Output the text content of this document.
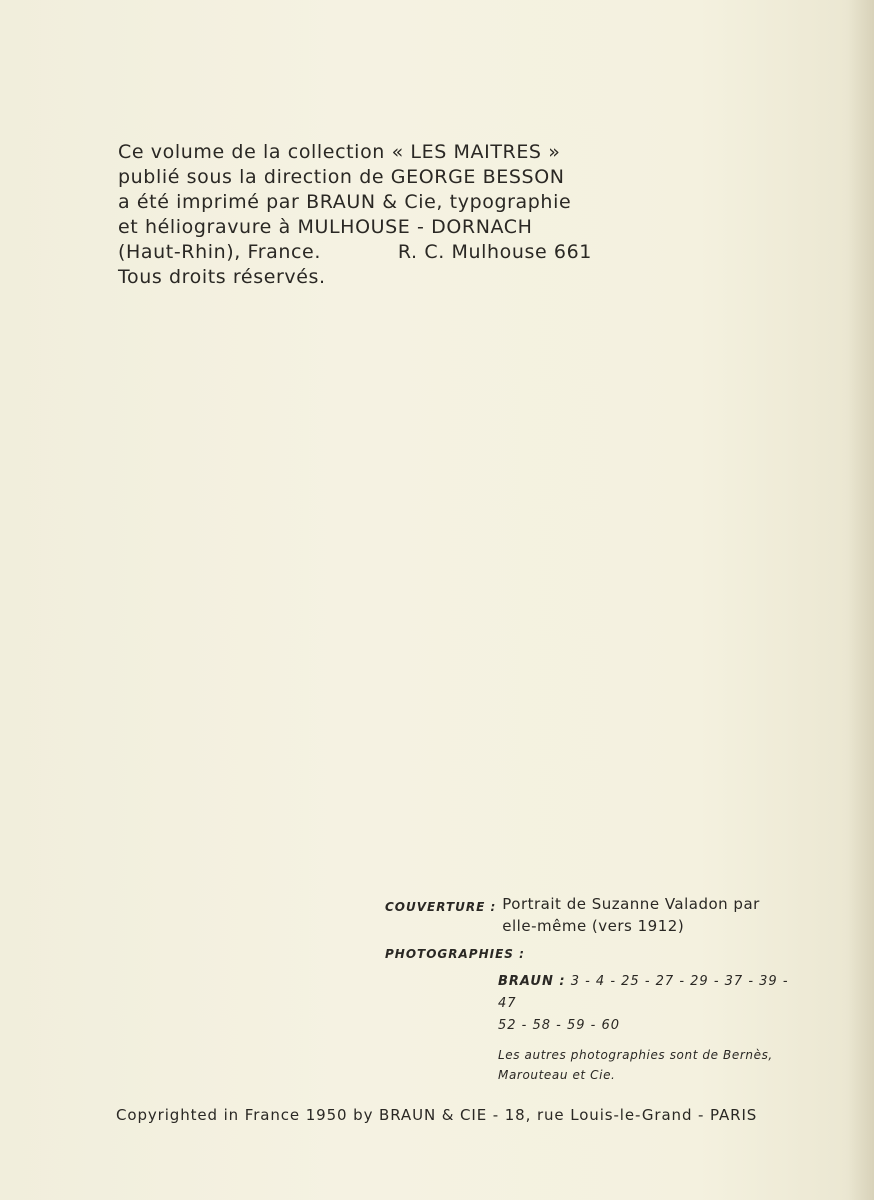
Ce volume de la collection « LES MAITRES »
publié sous la direction de GEORGE BESSON
a été imprimé par BRAUN & Cie, typographie
et héliogravure à MULHOUSE - DORNACH
(Haut-Rhin), France.	R. C. Mulhouse 661
Tous droits réservés.
COUVERTURE : Portrait de Suzanne Valadon par
elle-même (vers 1912)
PHOTOGRAPHIES :
BRAUN : 3 - 4 - 25 - 27 - 29 - 37 - 39 - 47
52 - 58 - 59 - 60
Les autres photographies sont de Bernès,
Marouteau et Cie.
Copyrighted in France 1950 by BRAUN & CIE - 18, rue Louis-le-Grand - PARIS
